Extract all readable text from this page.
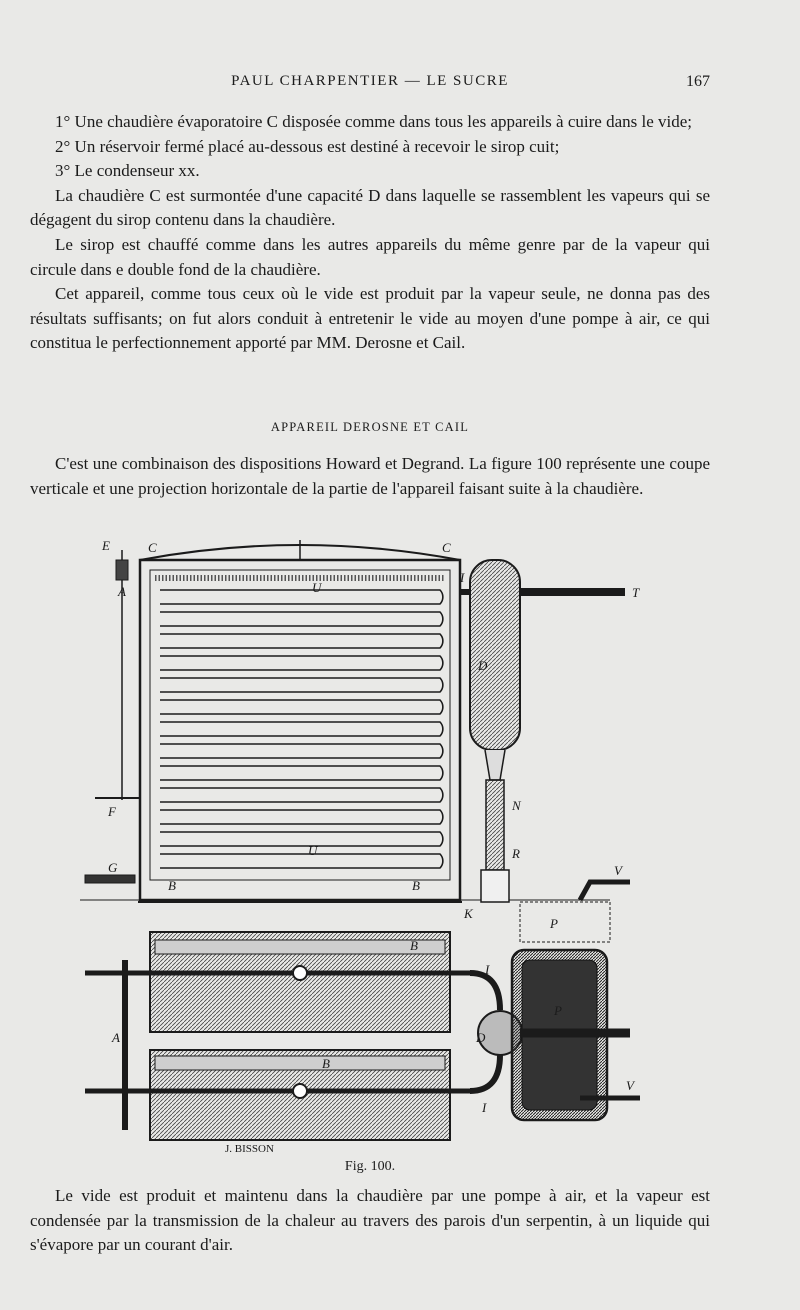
PAUL CHARPENTIER — LE SUCRE	167

1° Une chaudière évaporatoire C disposée comme dans tous les appareils à cuire dans le vide;

2° Un réservoir fermé placé au-dessous est destiné à recevoir le sirop cuit;

3° Le condenseur xx.

La chaudière C est surmontée d'une capacité D dans laquelle se rassemblent les vapeurs qui se dégagent du sirop contenu dans la chaudière.

Le sirop est chauffé comme dans les autres appareils du même genre par de la vapeur qui circule dans e double fond de la chaudière.

Cet appareil, comme tous ceux où le vide est produit par la vapeur seule, ne donna pas des résultats suffisants; on fut alors conduit à entretenir le vide au moyen d'une pompe à air, ce qui constitua le perfectionnement apporté par MM. Derosne et Cail.

APPAREIL DEROSNE ET CAIL

C'est une combinaison des dispositions Howard et Degrand. La figure 100 représente une coupe verticale et une projection horizontale de la partie de l'appareil faisant suite à la chaudière.

E	C	C
A	U
D
T
I
F
G
U
B	B
N
R
V
K
P
B
I
A	D
P
B
V
I
J. BISSON
Fig. 100.

Le vide est produit et maintenu dans la chaudière par une pompe à air, et la vapeur est condensée par la transmission de la chaleur au travers des parois d'un serpentin, à un liquide qui s'évapore par un courant d'air.
